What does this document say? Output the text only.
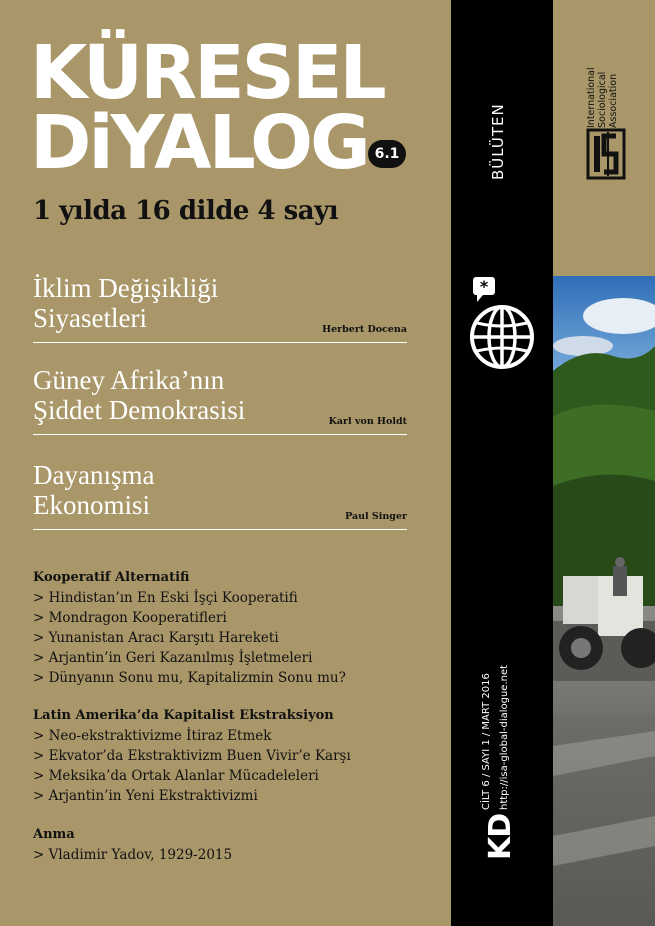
KÜRESEL
DiYALOG 6.1
1 yılda 16 dilde 4 sayı
İklim Değişikliği
Siyasetleri	Herbert Docena
Güney Afrika’nın
Şiddet Demokrasisi	Karl von Holdt
Dayanışma
Ekonomisi	Paul Singer
Kooperatif Alternatifi
> Hindistan’ın En Eski İşçi Kooperatifi
> Mondragon Kooperatifleri
> Yunanistan Aracı Karşıtı Hareketi
> Arjantin’in Geri Kazanılmış İşletmeleri
> Dünyanın Sonu mu, Kapitalizmin Sonu mu?
Latin Amerika’da Kapitalist Ekstraksiyon
> Neo-ekstraktivizme İtiraz Etmek
> Ekvator’da Ekstraktivizm Buen Vivir’e Karşı
> Meksika’da Ortak Alanlar Mücadeleleri
> Arjantin’in Yeni Ekstraktivizmi
Anma
> Vladimir Yadov, 1929-2015
BÜLÜTEN
*
CİLT 6 / SAYI 1 / MART 2016 http://isa-global-dialogue.net
KD
International Sociological Association
